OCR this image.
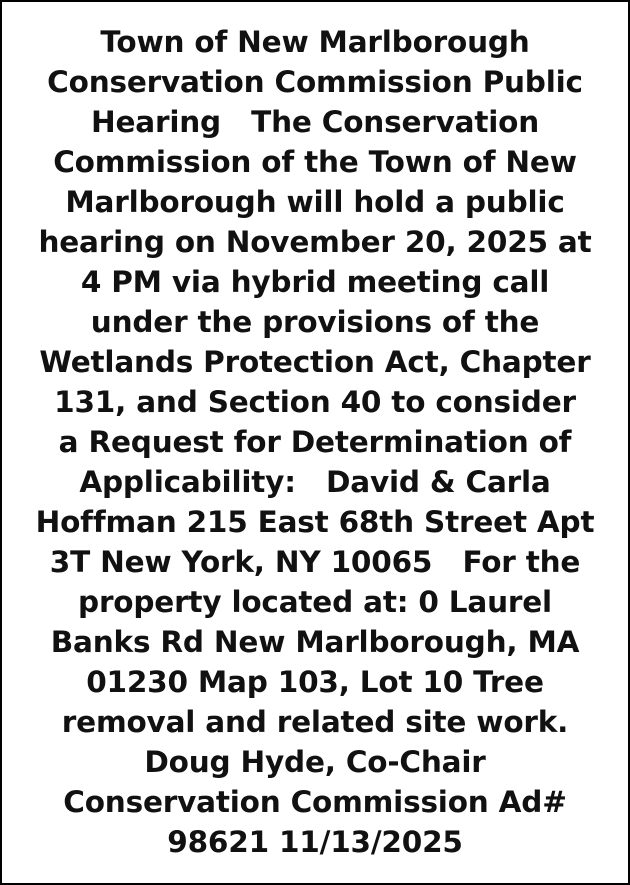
Town of New Marlborough
Conservation Commission Public
Hearing   The Conservation
Commission of the Town of New
Marlborough will hold a public
hearing on November 20, 2025 at
4 PM via hybrid meeting call
under the provisions of the
Wetlands Protection Act, Chapter
131, and Section 40 to consider
a Request for Determination of
Applicability:   David & Carla
Hoffman 215 East 68th Street Apt
3T New York, NY 10065   For the
property located at: 0 Laurel
Banks Rd New Marlborough, MA
01230 Map 103, Lot 10 Tree
removal and related site work.
Doug Hyde, Co-Chair
Conservation Commission Ad#
98621 11/13/2025
